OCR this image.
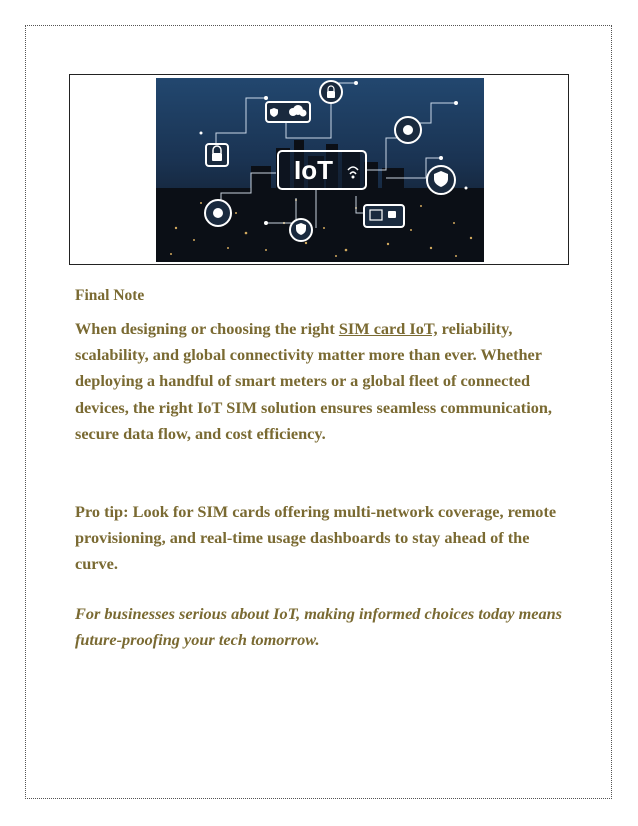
IoT
Final Note

When designing or choosing the right SIM card IoT, reliability, scalability, and global connectivity matter more than ever. Whether deploying a handful of smart meters or a global fleet of connected devices, the right IoT SIM solution ensures seamless communication, secure data flow, and cost efficiency.

Pro tip: Look for SIM cards offering multi-network coverage, remote provisioning, and real-time usage dashboards to stay ahead of the curve.

For businesses serious about IoT, making informed choices today means future-proofing your tech tomorrow.
